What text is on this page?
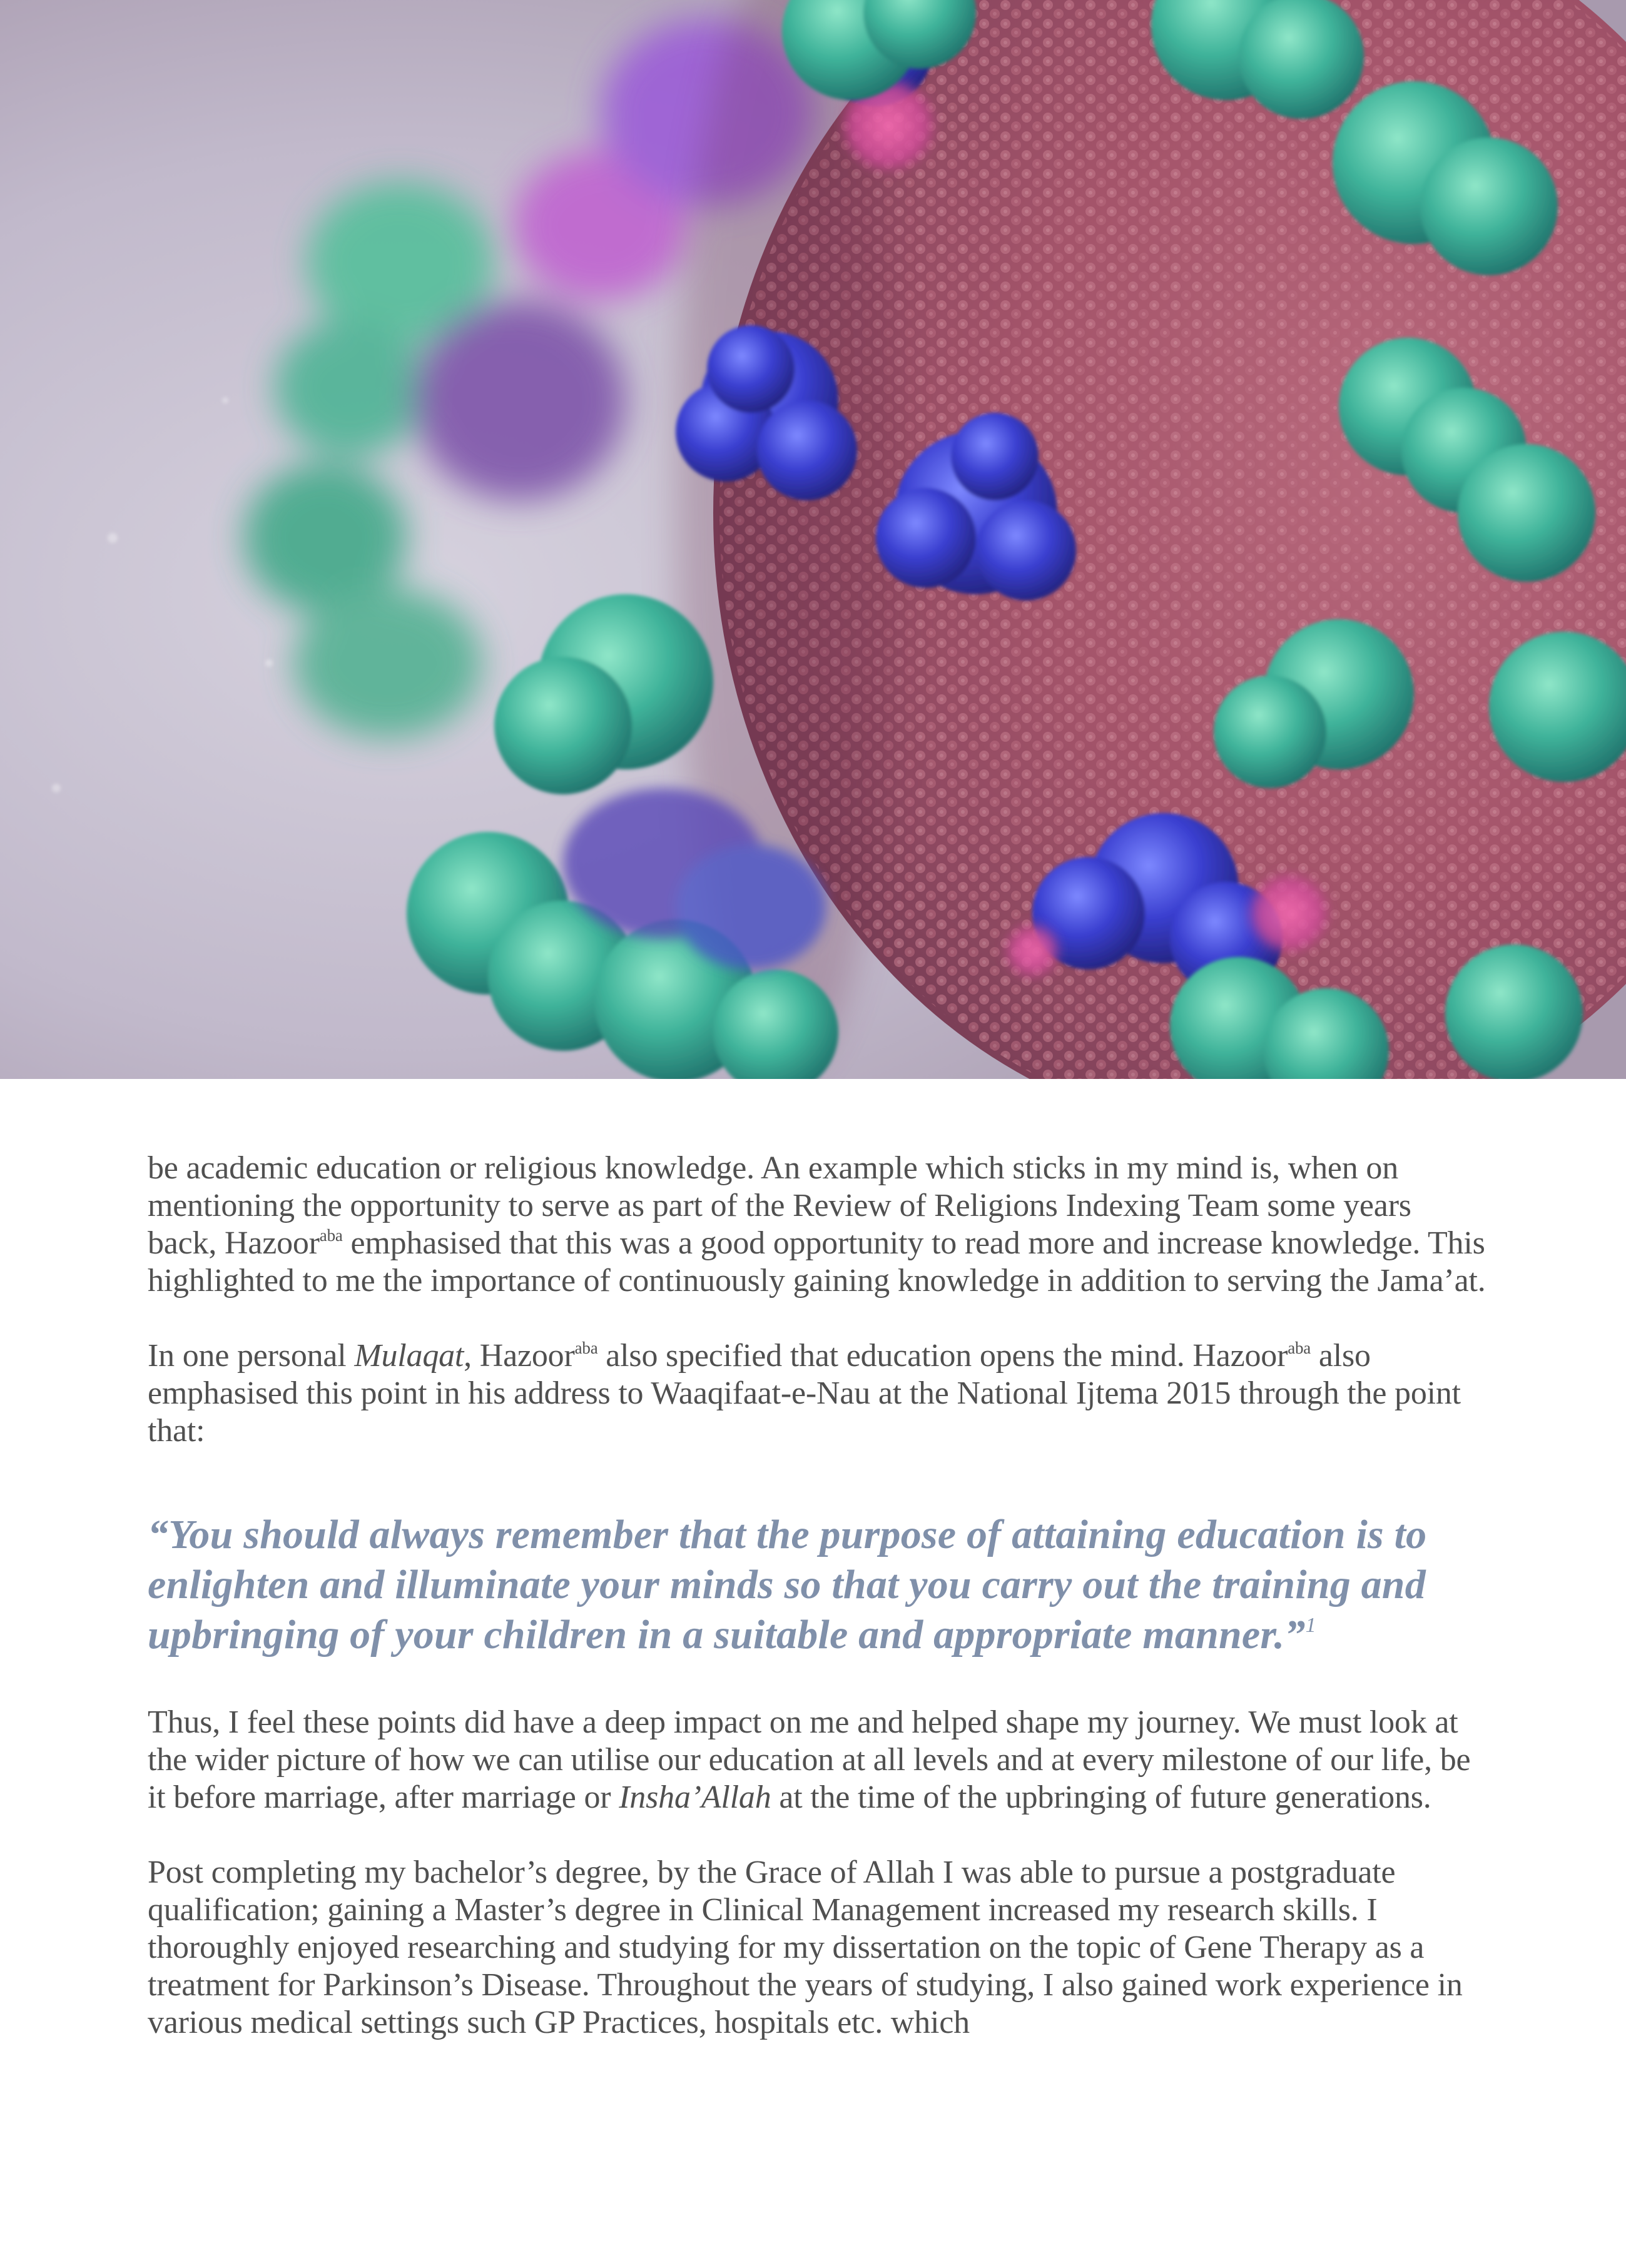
be academic education or religious knowledge. An example which sticks in my mind is, when on mentioning the opportunity to serve as part of the Review of Religions Indexing Team some years back, Hazoor$^{aba}$ emphasised that this was a good opportunity to read more and increase knowledge. This highlighted to me the importance of continuously gaining knowledge in addition to serving the Jama’at.

In one personal Mulaqat, Hazoor$^{aba}$ also specified that education opens the mind. Hazoor$^{aba}$ also emphasised this point in his address to Waaqifaat-e-Nau at the National Ijtema 2015 through the point that:

“You should always remember that the purpose of attaining education is to enlighten and illuminate your minds so that you carry out the training and upbringing of your children in a suitable and appropriate manner.”$^1$

Thus, I feel these points did have a deep impact on me and helped shape my journey. We must look at the wider picture of how we can utilise our education at all levels and at every milestone of our life, be it before marriage, after marriage or Insha’Allah at the time of the upbringing of future generations.

Post completing my bachelor’s degree, by the Grace of Allah I was able to pursue a postgraduate qualification; gaining a Master’s degree in Clinical Management increased my research skills. I thoroughly enjoyed researching and studying for my dissertation on the topic of Gene Therapy as a treatment for Parkinson’s Disease. Throughout the years of studying, I also gained work experience in various medical settings such GP Practices, hospitals etc. which
